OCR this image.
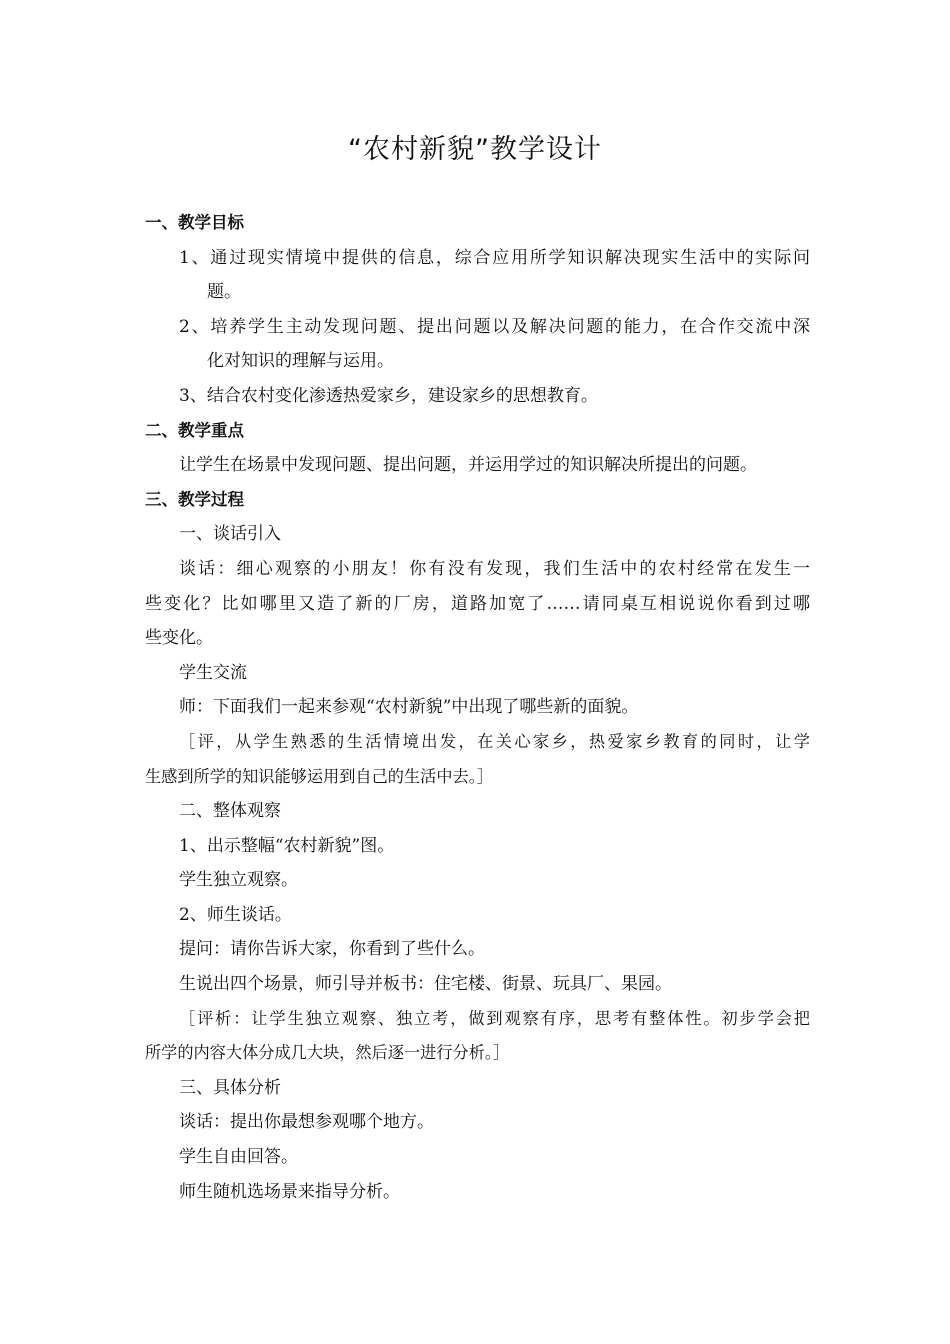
“农村新貌”教学设计
一、教学目标
1、通过现实情境中提供的信息，综合应用所学知识解决现实生活中的实际问
题。
2、培养学生主动发现问题、提出问题以及解决问题的能力，在合作交流中深
化对知识的理解与运用。
3、结合农村变化渗透热爱家乡，建设家乡的思想教育。
二、教学重点
让学生在场景中发现问题、提出问题，并运用学过的知识解决所提出的问题。
三、教学过程
一、谈话引入
谈话：细心观察的小朋友！你有没有发现，我们生活中的农村经常在发生一
些变化？比如哪里又造了新的厂房，道路加宽了……请同桌互相说说你看到过哪
些变化。
学生交流
师：下面我们一起来参观“农村新貌”中出现了哪些新的面貌。
［评，从学生熟悉的生活情境出发，在关心家乡，热爱家乡教育的同时，让学
生感到所学的知识能够运用到自己的生活中去。］
二、整体观察
1、出示整幅“农村新貌”图。
学生独立观察。
2、师生谈话。
提问：请你告诉大家，你看到了些什么。
生说出四个场景，师引导并板书：住宅楼、街景、玩具厂、果园。
［评析：让学生独立观察、独立考，做到观察有序，思考有整体性。初步学会把
所学的内容大体分成几大块，然后逐一进行分析。］
三、具体分析
谈话：提出你最想参观哪个地方。
学生自由回答。
师生随机选场景来指导分析。
